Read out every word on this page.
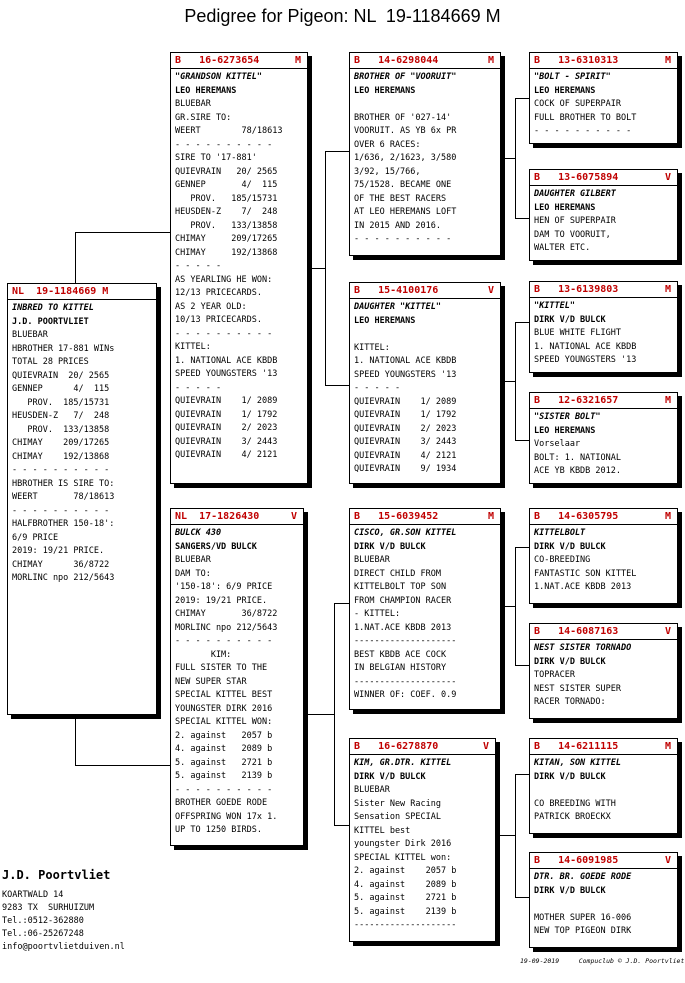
Pedigree for Pigeon: NL  19-1184669 M
NL  19-1184669 M
INBRED TO KITTEL
J.D. POORTVLIET
BLUEBAR
HBROTHER 17-881 WINs
TOTAL 28 PRICES
QUIEVRAIN  20/ 2565
GENNEP      4/  115
PROV.  185/15731
HEUSDEN-Z   7/  248
PROV.  133/13858
CHIMAY    209/17265
CHIMAY    192/13868
- - - - - - - - - -
HBROTHER IS SIRE TO:
WEERT       78/18613
- - - - - - - - - -
HALFBROTHER 150-18':
6/9 PRICE
2019: 19/21 PRICE.
CHIMAY      36/8722
MORLINC npo 212/5643
B   16-6273654	M
"GRANDSON KITTEL"
LEO HEREMANS
BLUEBAR
GR.SIRE TO:
WEERT        78/18613
- - - - - - - - - -
SIRE TO '17-881'
QUIEVRAIN   20/ 2565
GENNEP       4/  115
PROV.   185/15731
HEUSDEN-Z    7/  248
PROV.   133/13858
CHIMAY     209/17265
CHIMAY     192/13868
- - - - -
AS YEARLING HE WON:
12/13 PRICECARDS.
AS 2 YEAR OLD:
10/13 PRICECARDS.
- - - - - - - - - -
KITTEL:
1. NATIONAL ACE KBDB
SPEED YOUNGSTERS '13
- - - - -
QUIEVRAIN    1/ 2089
QUIEVRAIN    1/ 1792
QUIEVRAIN    2/ 2023
QUIEVRAIN    3/ 2443
QUIEVRAIN    4/ 2121
NL  17-1826430	V
BULCK 430
SANGERS/VD BULCK
BLUEBAR
DAM TO:
'150-18': 6/9 PRICE
2019: 19/21 PRICE.
CHIMAY       36/8722
MORLINC npo 212/5643
- - - - - - - - - -
KIM:
FULL SISTER TO THE
NEW SUPER STAR
SPECIAL KITTEL BEST
YOUNGSTER DIRK 2016
SPECIAL KITTEL WON:
2. against   2057 b
4. against   2089 b
5. against   2721 b
5. against   2139 b
- - - - - - - - - -
BROTHER GOEDE RODE
OFFSPRING WON 17x 1.
UP TO 1250 BIRDS.
B   14-6298044	M
BROTHER OF "VOORUIT"
LEO HEREMANS
BROTHER OF '027-14'
VOORUIT. AS YB 6x PR
OVER 6 RACES:
1/636, 2/1623, 3/580
3/92, 15/766,
75/1528. BECAME ONE
OF THE BEST RACERS
AT LEO HEREMANS LOFT
IN 2015 AND 2016.
- - - - - - - - - -
B   15-4100176	V
DAUGHTER "KITTEL"
LEO HEREMANS
KITTEL:
1. NATIONAL ACE KBDB
SPEED YOUNGSTERS '13
- - - - -
QUIEVRAIN    1/ 2089
QUIEVRAIN    1/ 1792
QUIEVRAIN    2/ 2023
QUIEVRAIN    3/ 2443
QUIEVRAIN    4/ 2121
QUIEVRAIN    9/ 1934
B   15-6039452	M
CISCO, GR.SON KITTEL
DIRK V/D BULCK
BLUEBAR
DIRECT CHILD FROM
KITTELBOLT TOP SON
FROM CHAMPION RACER
- KITTEL:
1.NAT.ACE KBDB 2013
--------------------
BEST KBDB ACE COCK
IN BELGIAN HISTORY
--------------------
WINNER OF: COEF. 0.9
B   16-6278870	V
KIM, GR.DTR. KITTEL
DIRK V/D BULCK
BLUEBAR
Sister New Racing
Sensation SPECIAL
KITTEL best
youngster Dirk 2016
SPECIAL KITTEL won:
2. against    2057 b
4. against    2089 b
5. against    2721 b
5. against    2139 b
--------------------
B   13-6310313	M
"BOLT - SPIRIT"
LEO HEREMANS
COCK OF SUPERPAIR
FULL BROTHER TO BOLT
- - - - - - - - - -
B   13-6075894	V
DAUGHTER GILBERT
LEO HEREMANS
HEN OF SUPERPAIR
DAM TO VOORUIT,
WALTER ETC.
B   13-6139803	M
"KITTEL"
DIRK V/D BULCK
BLUE WHITE FLIGHT
1. NATIONAL ACE KBDB
SPEED YOUNGSTERS '13
B   12-6321657	M
"SISTER BOLT"
LEO HEREMANS
Vorselaar
BOLT: 1. NATIONAL
ACE YB KBDB 2012.
B   14-6305795	M
KITTELBOLT
DIRK V/D BULCK
CO-BREEDING
FANTASTIC SON KITTEL
1.NAT.ACE KBDB 2013
B   14-6087163	V
NEST SISTER TORNADO
DIRK V/D BULCK
TOPRACER
NEST SISTER SUPER
RACER TORNADO:
B   14-6211115	M
KITAN, SON KITTEL
DIRK V/D BULCK
CO BREEDING WITH
PATRICK BROECKX
B   14-6091985	V
DTR. BR. GOEDE RODE
DIRK V/D BULCK
MOTHER SUPER 16-006
NEW TOP PIGEON DIRK
J.D. Poortvliet
KOARTWALD 14
9283 TX  SURHUIZUM
Tel.:0512-362880
Tel.:06-25267248
info@poortvlietduiven.nl
19-09-2019     Compuclub © J.D. Poortvliet
